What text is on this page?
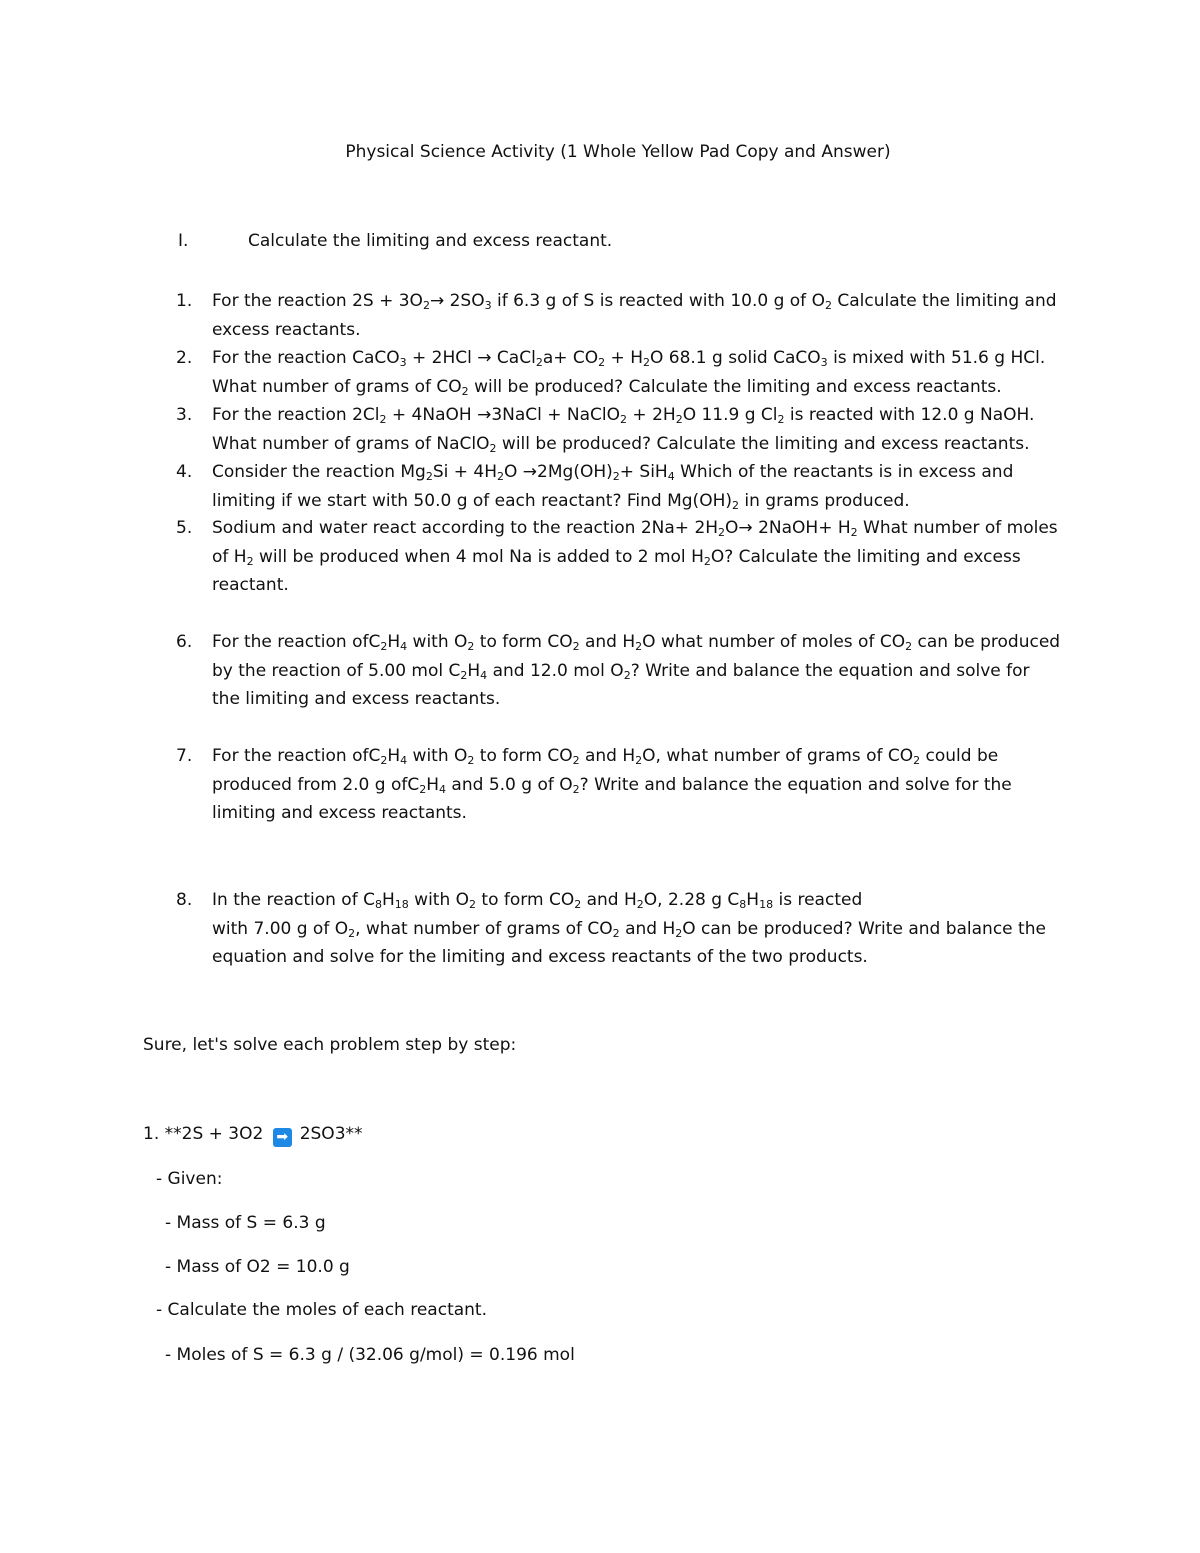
Physical Science Activity (1 Whole Yellow Pad Copy and Answer)
I.	Calculate the limiting and excess reactant.
1.	For the reaction $2S + 3O_2\to 2SO_3$ if 6.3 g of S is reacted with 10.0 g of $O_2$ Calculate the limiting and excess reactants.
2.	For the reaction CaCO$_3$ + 2HCl → CaCl$_2$a+ $CO_2 + H_2O$ 68.1 g solid CaCO$_3$ is mixed with 51.6 g HCl. What number of grams of $CO_2$ will be produced? Calculate the limiting and excess reactants.
3.	For the reaction $2Cl_2$ + 4NaOH →3NaCl + NaClO$_2$ + $2H_2O$ 11.9 g $Cl_2$ is reacted with 12.0 g NaOH. What number of grams of NaClO$_2$ will be produced? Calculate the limiting and excess reactants.
4.	Consider the reaction $Mg_2Si + 4H_2O \to 2Mg(OH)_2+ SiH_4$ Which of the reactants is in excess and limiting if we start with 50.0 g of each reactant? Find $Mg(OH)_2$ in grams produced.
5.	Sodium and water react according to the reaction $2Na+ 2H_2O\to$ 2NaOH+ $H_2$ What number of moles of $H_2$ will be produced when 4 mol Na is added to 2 mol $H_2O$? Calculate the limiting and excess reactant.
6.	For the reaction $ofC_2H_4$ with $O_2$ to form $CO_2$ and $H_2O$ what number of moles of $CO_2$ can be produced by the reaction of 5.00 mol $C_2H_4$ and 12.0 mol $O_2$? Write and balance the equation and solve for the limiting and excess reactants.
7.	For the reaction $ofC_2H_4$ with $O_2$ to form $CO_2$ and $H_2O$, what number of grams of $CO_2$ could be produced from 2.0 g $ofC_2H_4$ and 5.0 g of $O_2$? Write and balance the equation and solve for the limiting and excess reactants.
8.	In the reaction of $C_8H_{18}$ with $O_2$ to form $CO_2$ and $H_2O$, 2.28 g $C_8H_{18}$ is reacted
with 7.00 g of $O_2$, what number of grams of $CO_2$ and $H_2O$ can be produced? Write and balance the equation and solve for the limiting and excess reactants of the two products.
Sure, let's solve each problem step by step:
1. **2S + 3O2 ➡ 2SO3**
- Given:
- Mass of S = 6.3 g
- Mass of O2 = 10.0 g
- Calculate the moles of each reactant.
- Moles of S = 6.3 g / (32.06 g/mol) = 0.196 mol
